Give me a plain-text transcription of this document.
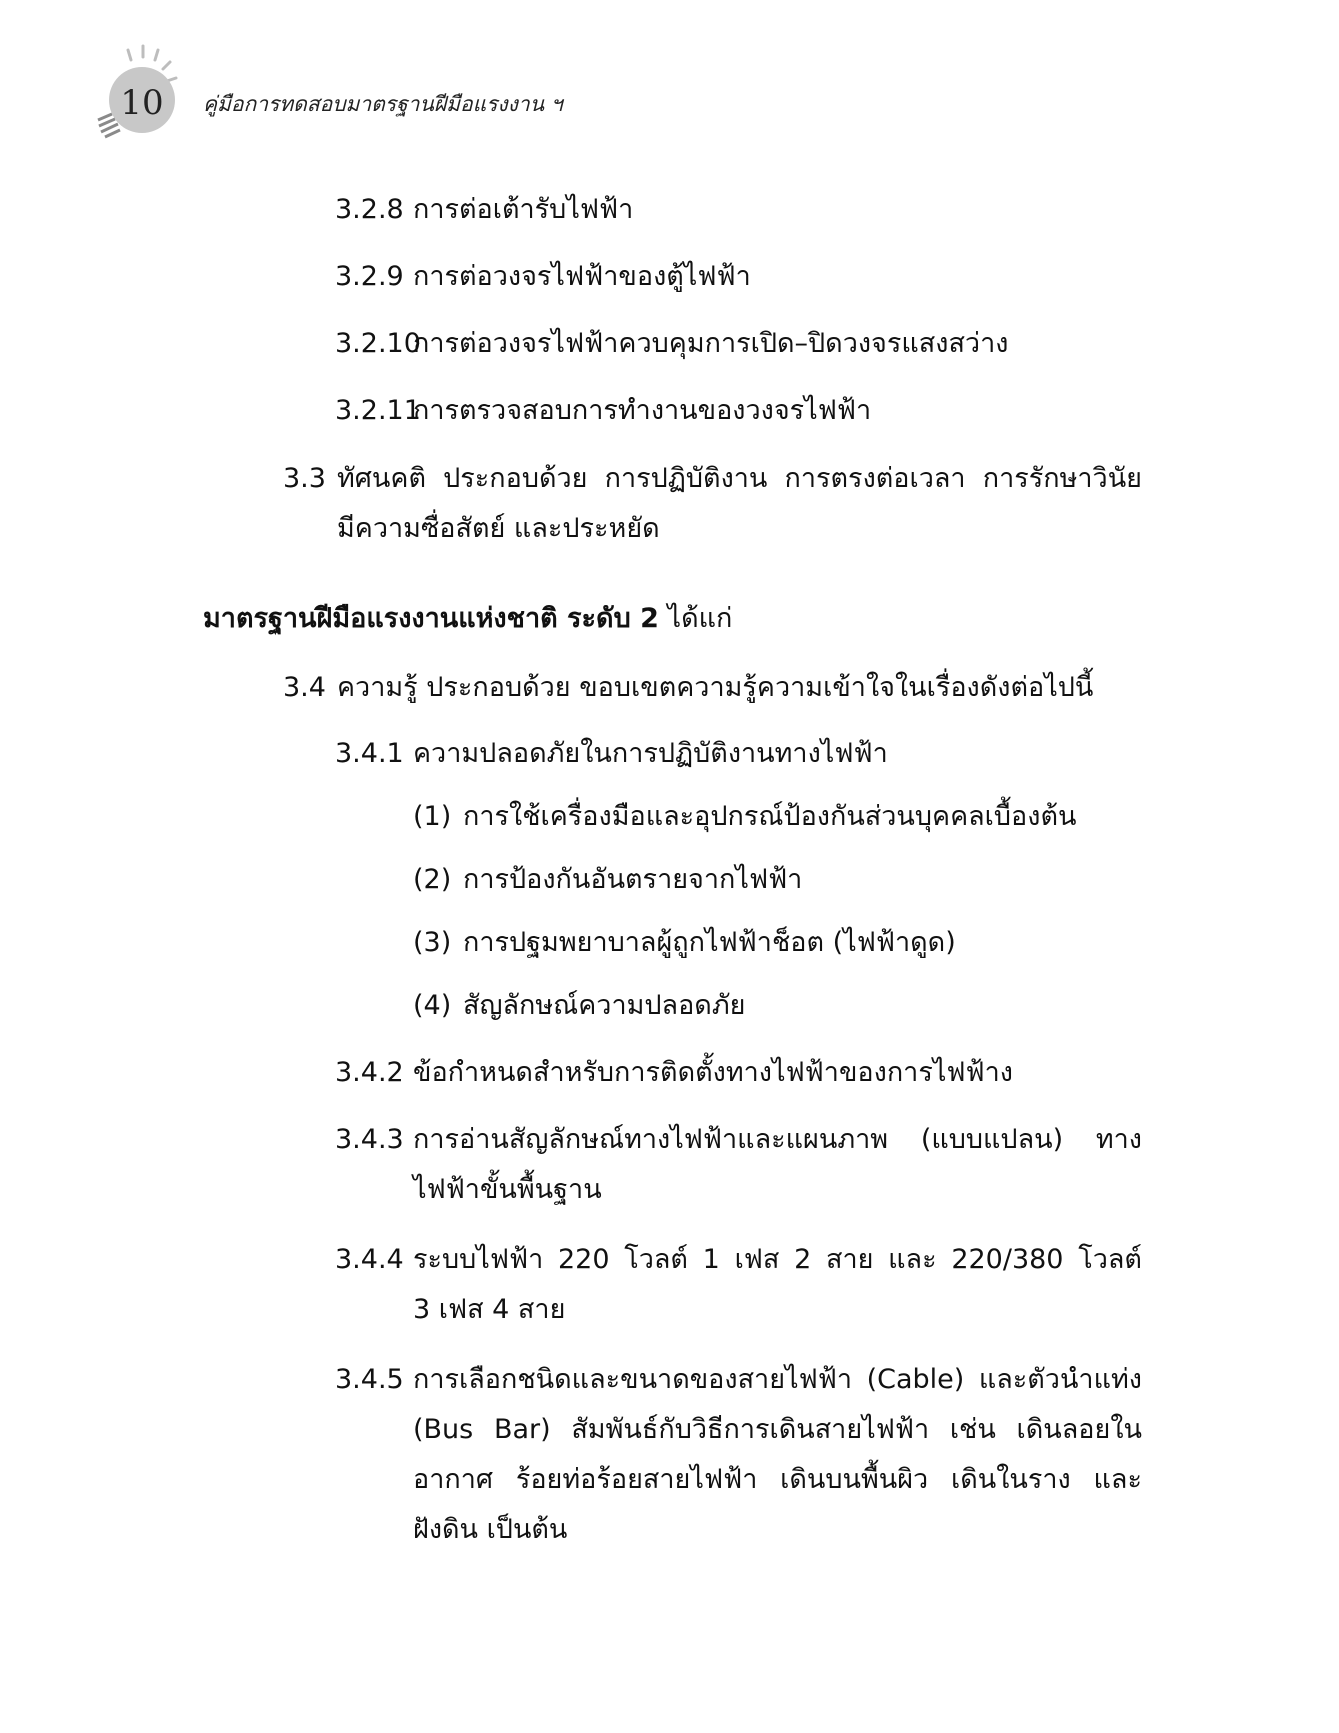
10	คู่มือการทดสอบมาตรฐานฝีมือแรงงาน ฯ
3.2.8 การต่อเต้ารับไฟฟ้า
3.2.9 การต่อวงจรไฟฟ้าของตู้ไฟฟ้า
3.2.10การต่อวงจรไฟฟ้าควบคุมการเปิด–ปิดวงจรแสงสว่าง
3.2.11การตรวจสอบการทำงานของวงจรไฟฟ้า
3.3 ทัศนคติ ประกอบด้วย การปฏิบัติงาน การตรงต่อเวลา การรักษาวินัย
มีความซื่อสัตย์ และประหยัด
มาตรฐานฝีมือแรงงานแห่งชาติ ระดับ 2 ได้แก่
3.4 ความรู้ ประกอบด้วย ขอบเขตความรู้ความเข้าใจในเรื่องดังต่อไปนี้
3.4.1 ความปลอดภัยในการปฏิบัติงานทางไฟฟ้า
(1) การใช้เครื่องมือและอุปกรณ์ป้องกันส่วนบุคคลเบื้องต้น
(2) การป้องกันอันตรายจากไฟฟ้า
(3) การปฐมพยาบาลผู้ถูกไฟฟ้าช็อต (ไฟฟ้าดูด)
(4) สัญลักษณ์ความปลอดภัย
3.4.2 ข้อกำหนดสำหรับการติดตั้งทางไฟฟ้าของการไฟฟ้าง
3.4.3 การอ่านสัญลักษณ์ทางไฟฟ้าและแผนภาพ (แบบแปลน) ทาง
ไฟฟ้าขั้นพื้นฐาน
3.4.4 ระบบไฟฟ้า 220 โวลต์ 1 เฟส 2 สาย และ 220/380 โวลต์
3 เฟส 4 สาย
3.4.5 การเลือกชนิดและขนาดของสายไฟฟ้า (Cable) และตัวนำแท่ง
(Bus Bar) สัมพันธ์กับวิธีการเดินสายไฟฟ้า เช่น เดินลอยใน
อากาศ ร้อยท่อร้อยสายไฟฟ้า เดินบนพื้นผิว เดินในราง และ
ฝังดิน เป็นต้น
